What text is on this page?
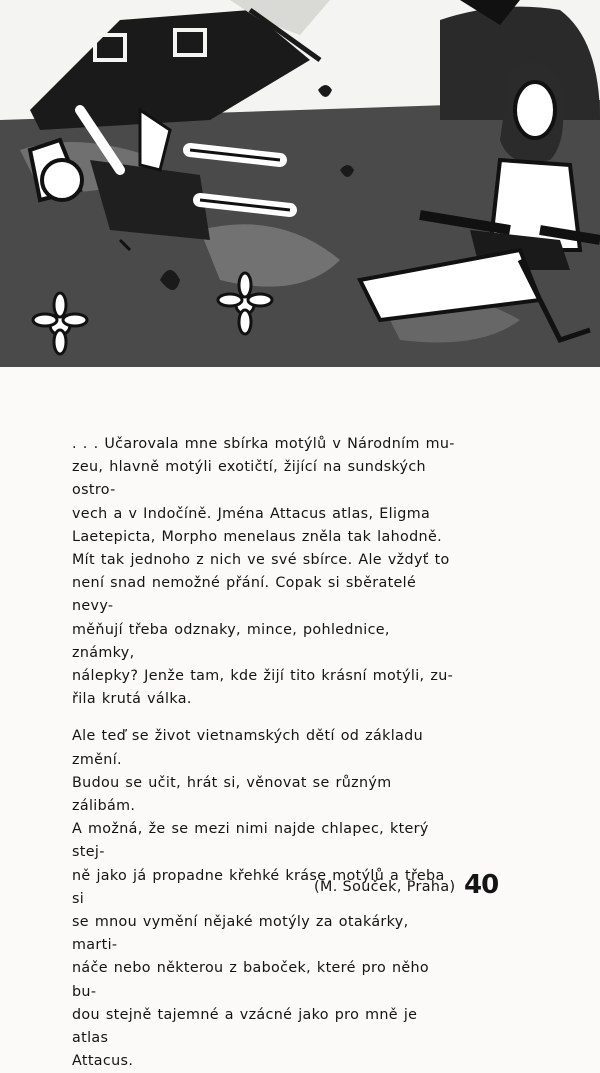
. . . Učarovala mne sbírka motýlů v Národním mu-
zeu, hlavně motýli exotičtí, žijící na sundských ostro-
vech a v Indočíně. Jména Attacus atlas, Eligma
Laetepicta, Morpho menelaus zněla tak lahodně.
Mít tak jednoho z nich ve své sbírce. Ale vždyť to
není snad nemožné přání. Copak si sběratelé nevy-
měňují třeba odznaky, mince, pohlednice, známky,
nálepky? Jenže tam, kde žijí tito krásní motýli, zu-
řila krutá válka.

Ale teď se život vietnamských dětí od základu změní.
Budou se učit, hrát si, věnovat se různým zálibám.
A možná, že se mezi nimi najde chlapec, který stej-
ně jako já propadne křehké kráse motýlů a třeba si
se mnou vymění nějaké motýly za otakárky, marti-
náče nebo některou z baboček, které pro něho bu-
dou stejně tajemné a vzácné jako pro mně je atlas
Attacus.

(M. Souček, Praha) 40
